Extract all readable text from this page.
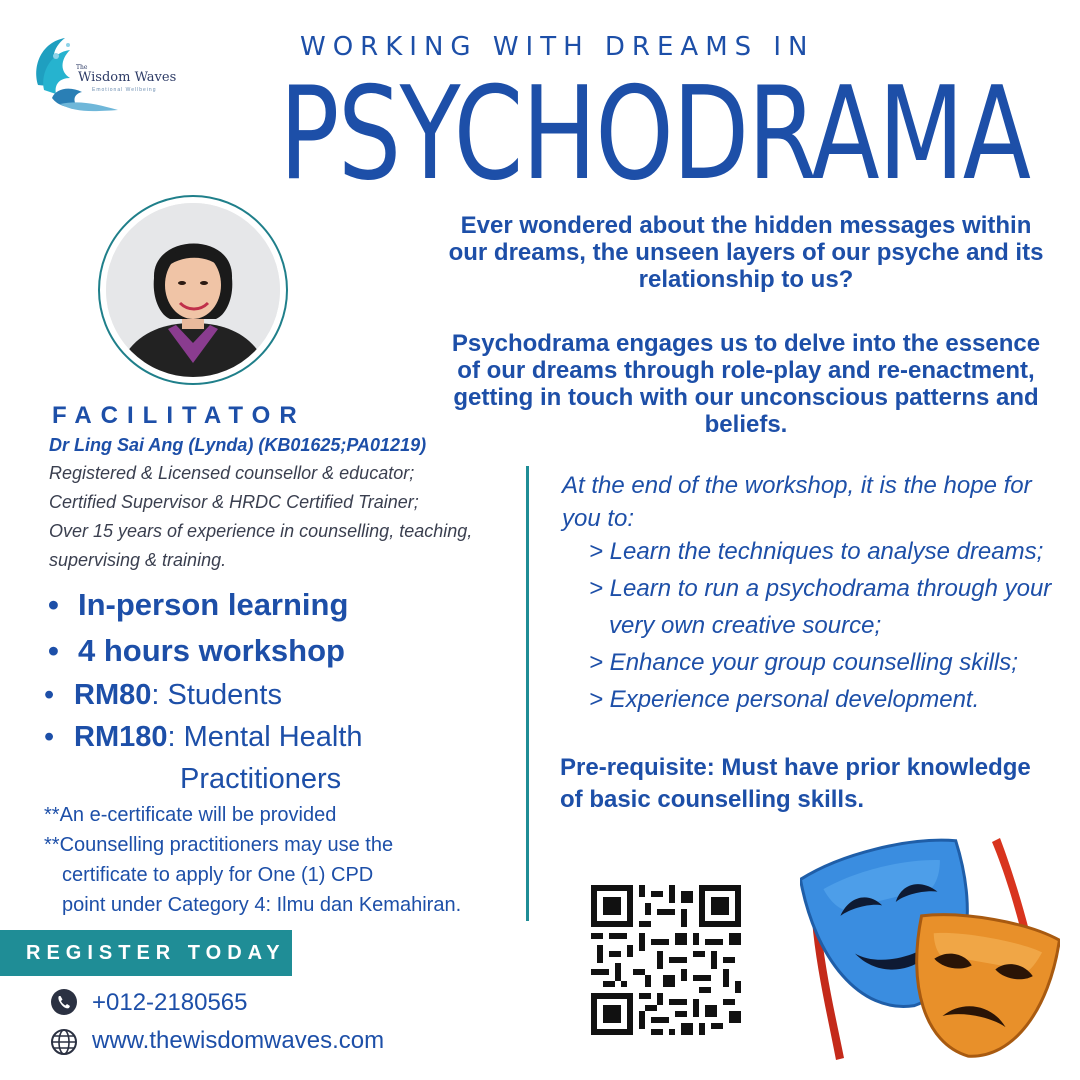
The
Wisdom Waves
Emotional Wellbeing
WORKING WITH DREAMS IN
PSYCHODRAMA
Ever wondered about the hidden messages within our dreams, the unseen layers of our psyche and its relationship to us?
Psychodrama engages us to delve into the essence of our dreams through role-play and re-enactment, getting in touch with our unconscious patterns and beliefs.
FACILITATOR
Dr Ling Sai Ang (Lynda) (KB01625;PA01219)
Registered & Licensed counsellor & educator;
Certified Supervisor & HRDC Certified Trainer;
Over 15 years of experience in counselling, teaching,
supervising & training.
• In-person learning
• 4 hours workshop
• RM80: Students
• RM180: Mental Health
Practitioners
**An e-certificate will be provided
**Counselling practitioners may use the
certificate to apply for One (1) CPD
point under Category 4: Ilmu dan Kemahiran.
At the end of the workshop, it is the hope for
you to:
> Learn the techniques to analyse dreams;
> Learn to run a psychodrama through your
very own creative source;
> Enhance your group counselling skills;
> Experience personal development.
Pre-requisite: Must have prior knowledge of basic counselling skills.
REGISTER TODAY
+012-2180565
www.thewisdomwaves.com
